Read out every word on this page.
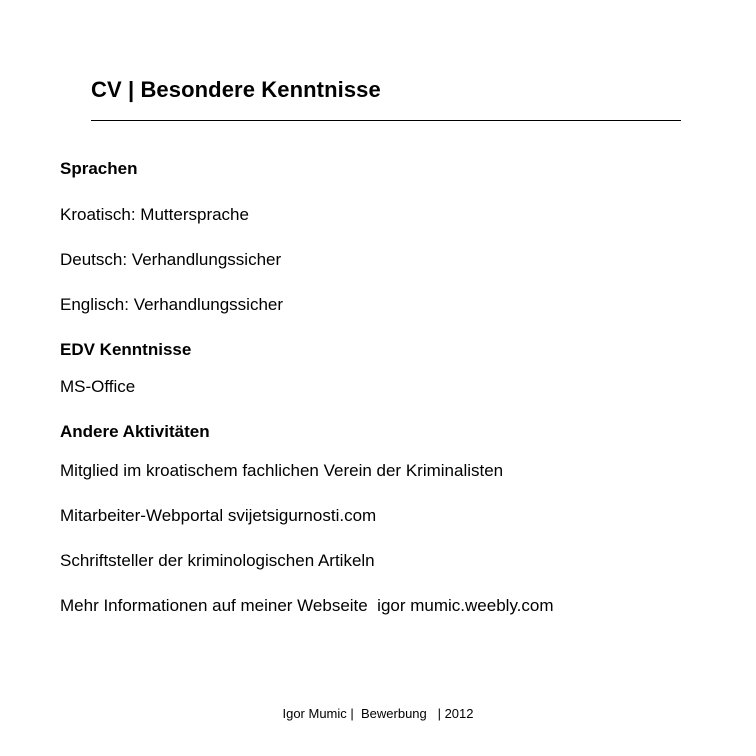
CV | Besondere Kenntnisse
Sprachen
Kroatisch: Muttersprache
Deutsch: Verhandlungssicher
Englisch: Verhandlungssicher
EDV Kenntnisse
MS-Office
Andere Aktivitäten
Mitglied im kroatischem fachlichen Verein der Kriminalisten
Mitarbeiter-Webportal svijetsigurnosti.com
Schriftsteller der kriminologischen Artikeln
Mehr Informationen auf meiner Webseite  igor mumic.weebly.com
Igor Mumic |  Bewerbung   | 2012
